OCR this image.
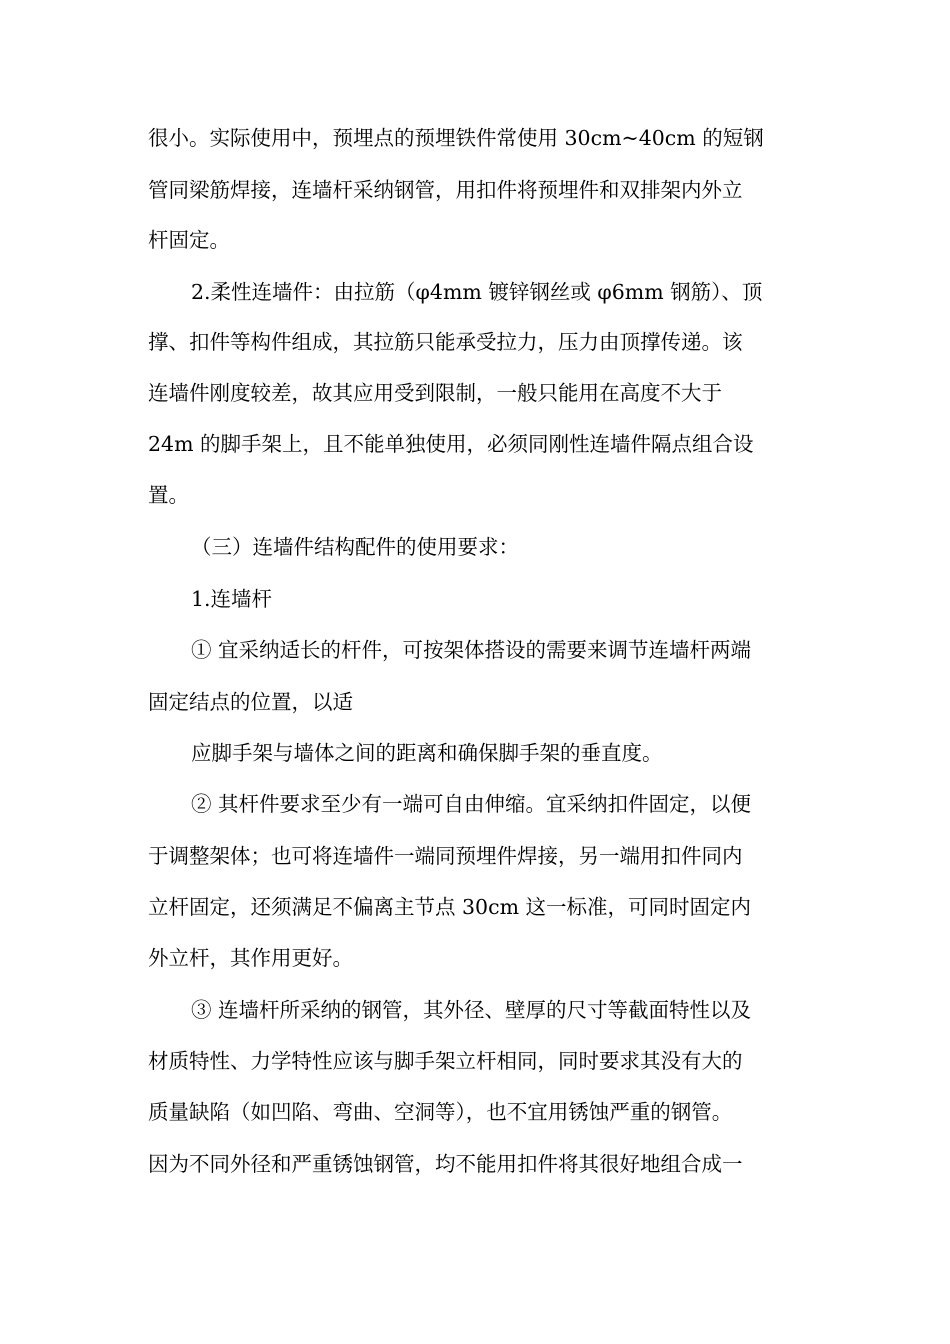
很小。实际使用中，预埋点的预埋铁件常使用 30cm~40cm 的短钢
管同梁筋焊接，连墙杆采纳钢管，用扣件将预埋件和双排架内外立
杆固定。
2.柔性连墙件：由拉筋（φ4mm 镀锌钢丝或 φ6mm 钢筋）、顶
撑、扣件等构件组成，其拉筋只能承受拉力，压力由顶撑传递。该
连墙件刚度较差，故其应用受到限制，一般只能用在高度不大于
24m 的脚手架上，且不能单独使用，必须同刚性连墙件隔点组合设
置。
（三）连墙件结构配件的使用要求：
1.连墙杆
① 宜采纳适长的杆件，可按架体搭设的需要来调节连墙杆两端
固定结点的位置，以适
应脚手架与墙体之间的距离和确保脚手架的垂直度。
② 其杆件要求至少有一端可自由伸缩。宜采纳扣件固定，以便
于调整架体；也可将连墙件一端同预埋件焊接，另一端用扣件同内
立杆固定，还须满足不偏离主节点 30cm 这一标准，可同时固定内
外立杆，其作用更好。
③ 连墙杆所采纳的钢管，其外径、壁厚的尺寸等截面特性以及
材质特性、力学特性应该与脚手架立杆相同，同时要求其没有大的
质量缺陷（如凹陷、弯曲、空洞等），也不宜用锈蚀严重的钢管。
因为不同外径和严重锈蚀钢管，均不能用扣件将其很好地组合成一
